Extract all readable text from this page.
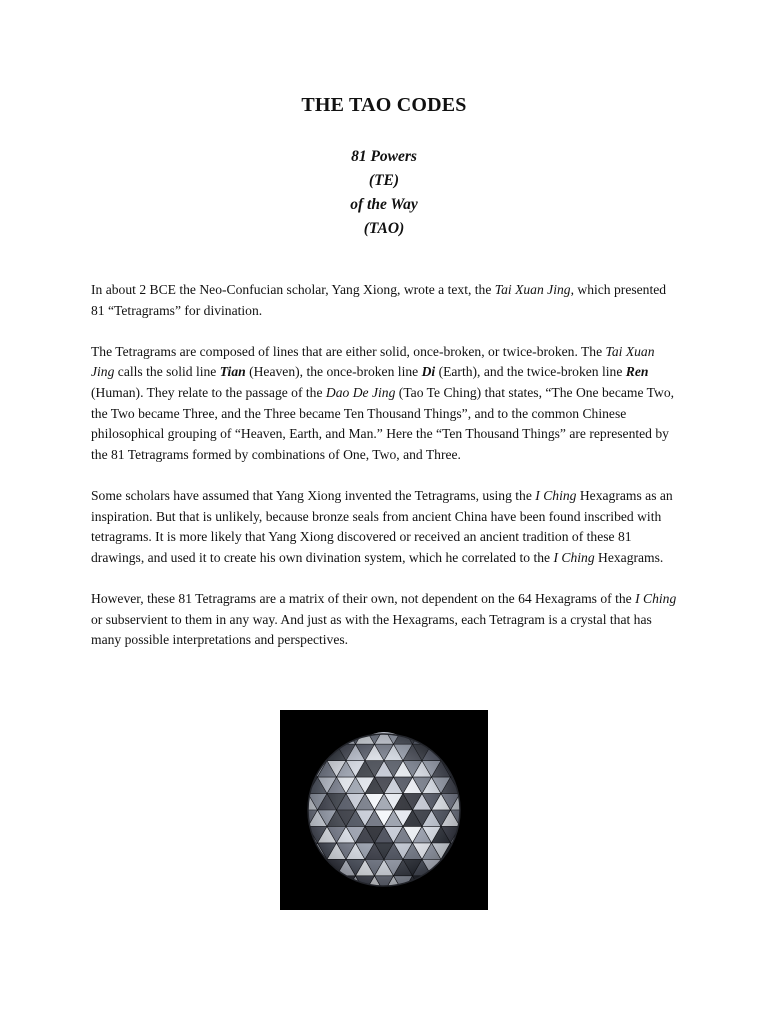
THE TAO CODES
81 Powers
(TE)
of the Way
(TAO)

In about 2 BCE the Neo-Confucian scholar, Yang Xiong, wrote a text, the Tai Xuan Jing, which presented 81 “Tetragrams” for divination.

The Tetragrams are composed of lines that are either solid, once-broken, or twice-broken. The Tai Xuan Jing calls the solid line Tian (Heaven), the once-broken line Di (Earth), and the twice-broken line Ren (Human). They relate to the passage of the Dao De Jing (Tao Te Ching) that states, “The One became Two, the Two became Three, and the Three became Ten Thousand Things”, and to the common Chinese philosophical grouping of “Heaven, Earth, and Man.” Here the “Ten Thousand Things” are represented by the 81 Tetragrams formed by combinations of One, Two, and Three.

Some scholars have assumed that Yang Xiong invented the Tetragrams, using the I Ching Hexagrams as an inspiration. But that is unlikely, because bronze seals from ancient China have been found inscribed with tetragrams. It is more likely that Yang Xiong discovered or received an ancient tradition of these 81 drawings, and used it to create his own divination system, which he correlated to the I Ching Hexagrams.

However, these 81 Tetragrams are a matrix of their own, not dependent on the 64 Hexagrams of the I Ching or subservient to them in any way. And just as with the Hexagrams, each Tetragram is a crystal that has many possible interpretations and perspectives.
